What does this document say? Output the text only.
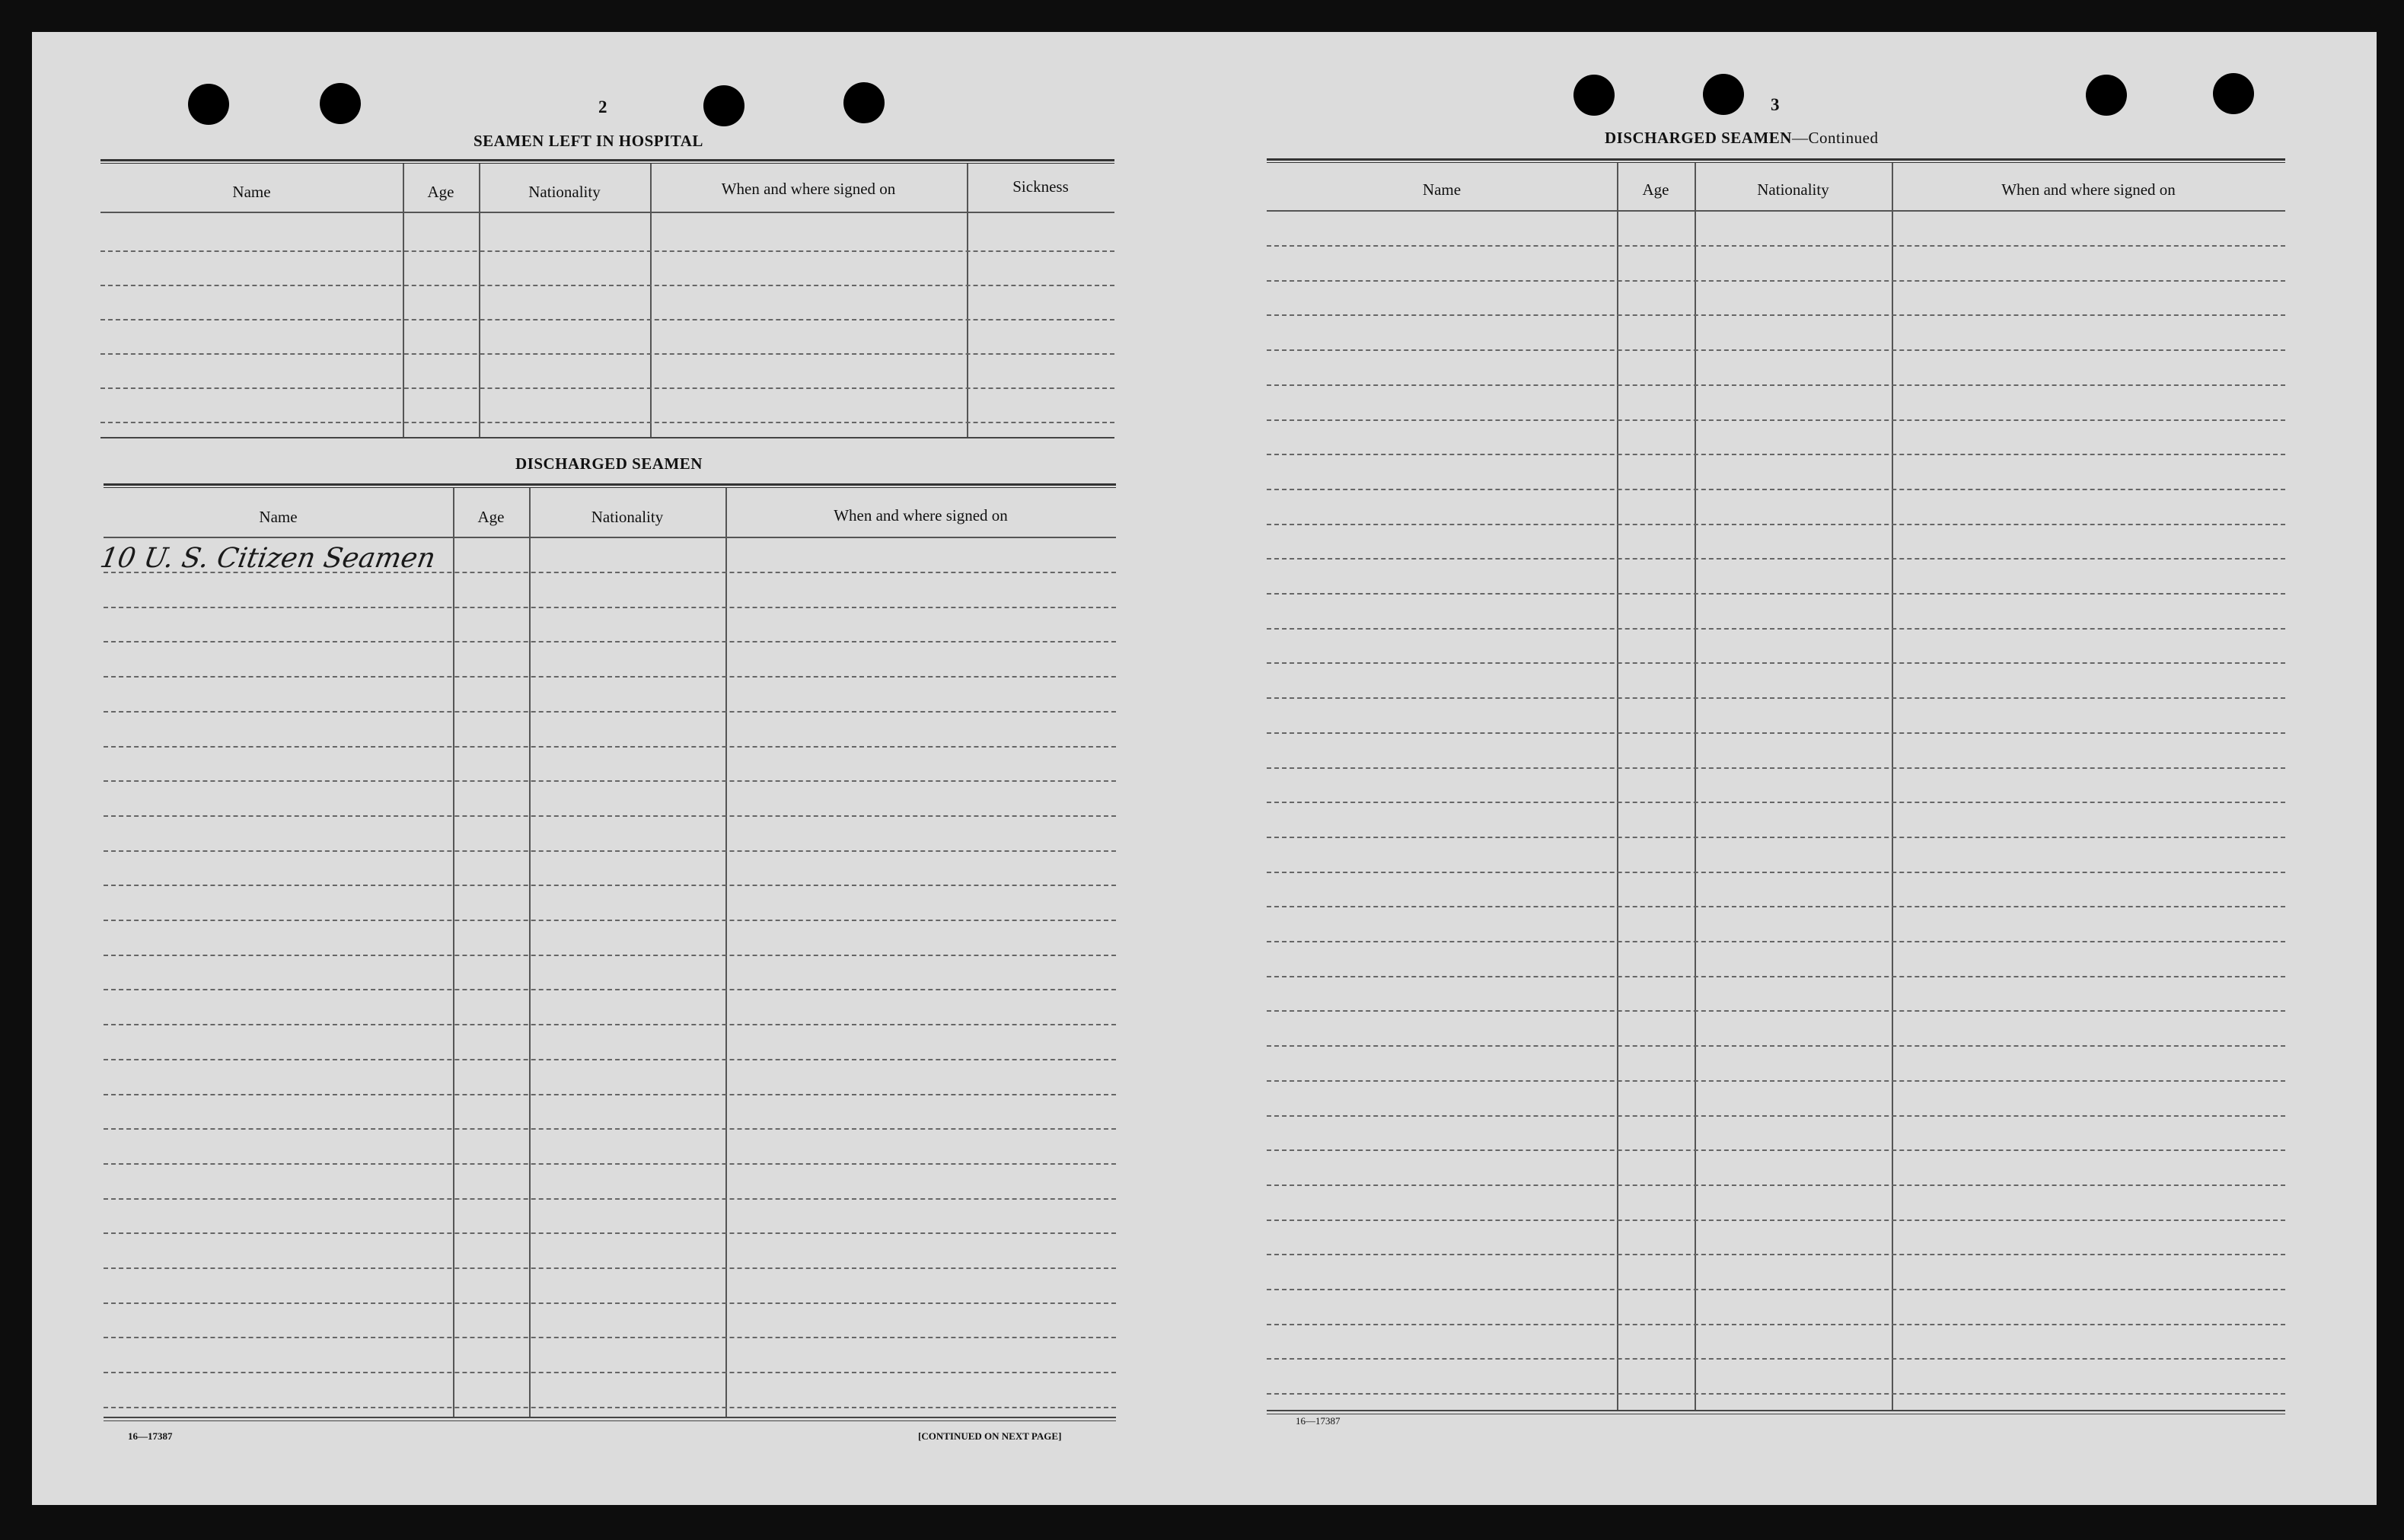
2
SEAMEN LEFT IN HOSPITAL
Name	Age	Nationality	When and where signed on	Sickness
DISCHARGED SEAMEN
Name	Age	Nationality	When and where signed on
10 U. S. Citizen Seamen
16—17387	[CONTINUED ON NEXT PAGE]
3
DISCHARGED SEAMEN—Continued
Name	Age	Nationality	When and where signed on
16—17387
